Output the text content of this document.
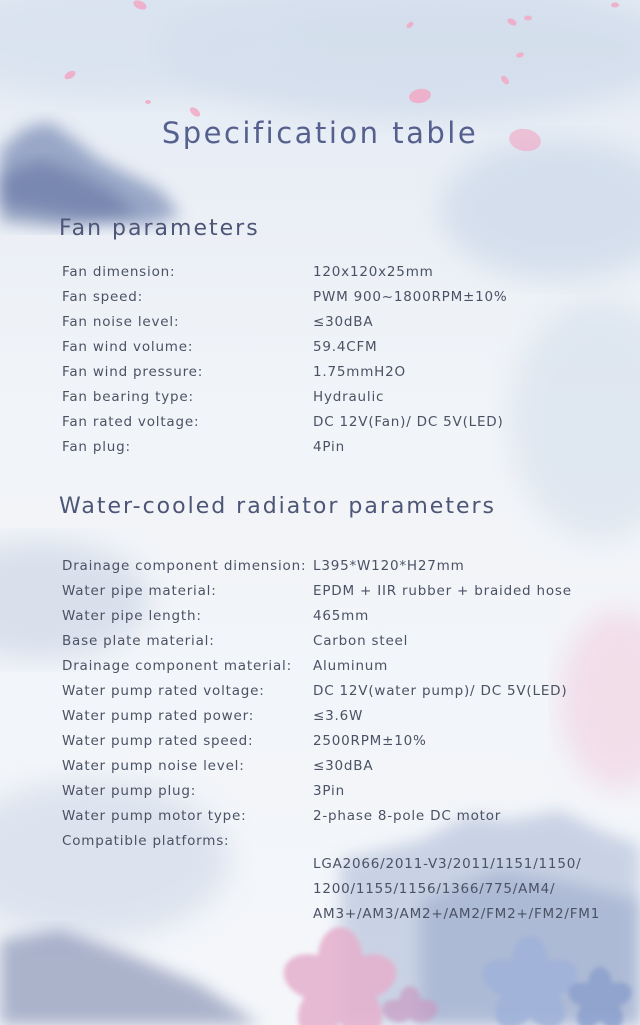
Specification table
Fan parameters
Fan dimension:	120x120x25mm
Fan speed:	PWM 900~1800RPM±10%
Fan noise level:	≤30dBA
Fan wind volume:	59.4CFM
Fan wind pressure:	1.75mmH2O
Fan bearing type:	Hydraulic
Fan rated voltage:	DC 12V(Fan)/ DC 5V(LED)
Fan plug:	4Pin
Water-cooled radiator parameters
Drainage component dimension: L395*W120*H27mm
Water pipe material:	EPDM + IIR rubber + braided hose
Water pipe length:	465mm
Base plate material:	Carbon steel
Drainage component material: Aluminum
Water pump rated voltage:	DC 12V(water pump)/ DC 5V(LED)
Water pump rated power:	≤3.6W
Water pump rated speed:	2500RPM±10%
Water pump noise level:	≤30dBA
Water pump plug:	3Pin
Water pump motor type:	2-phase 8-pole DC motor
Compatible platforms:
LGA2066/2011-V3/2011/1151/1150/
1200/1155/1156/1366/775/AM4/
AM3+/AM3/AM2+/AM2/FM2+/FM2/FM1
